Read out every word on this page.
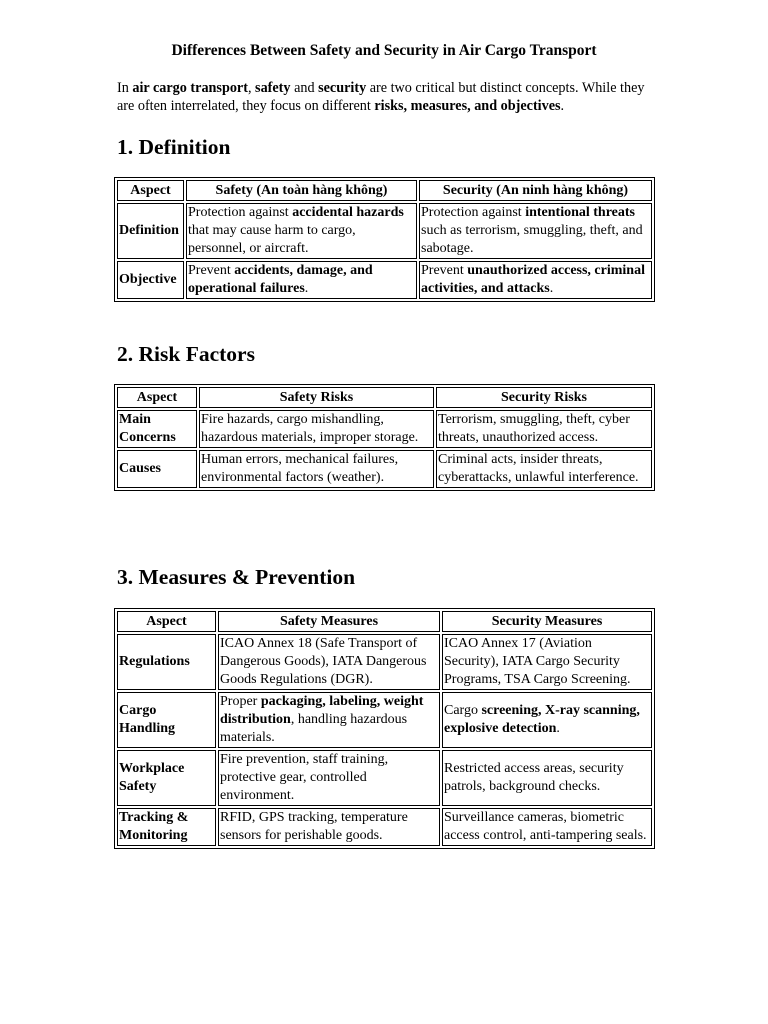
Differences Between Safety and Security in Air Cargo Transport
In air cargo transport, safety and security are two critical but distinct concepts. While they are often interrelated, they focus on different risks, measures, and objectives.
1. Definition
Aspect	Safety (An toàn hàng không)	Security (An ninh hàng không)
Definition	Protection against accidental hazards that may cause harm to cargo, personnel, or aircraft.	Protection against intentional threats such as terrorism, smuggling, theft, and sabotage.
Objective	Prevent accidents, damage, and operational failures.	Prevent unauthorized access, criminal activities, and attacks.
2. Risk Factors
Aspect	Safety Risks	Security Risks
Main Concerns	Fire hazards, cargo mishandling, hazardous materials, improper storage.	Terrorism, smuggling, theft, cyber threats, unauthorized access.
Causes	Human errors, mechanical failures, environmental factors (weather).	Criminal acts, insider threats, cyberattacks, unlawful interference.
3. Measures & Prevention
Aspect	Safety Measures	Security Measures
Regulations	ICAO Annex 18 (Safe Transport of Dangerous Goods), IATA Dangerous Goods Regulations (DGR).	ICAO Annex 17 (Aviation Security), IATA Cargo Security Programs, TSA Cargo Screening.
Cargo Handling	Proper packaging, labeling, weight distribution, handling hazardous materials.	Cargo screening, X-ray scanning, explosive detection.
Workplace Safety	Fire prevention, staff training, protective gear, controlled environment.	Restricted access areas, security patrols, background checks.
Tracking & Monitoring	RFID, GPS tracking, temperature sensors for perishable goods.	Surveillance cameras, biometric access control, anti-tampering seals.
